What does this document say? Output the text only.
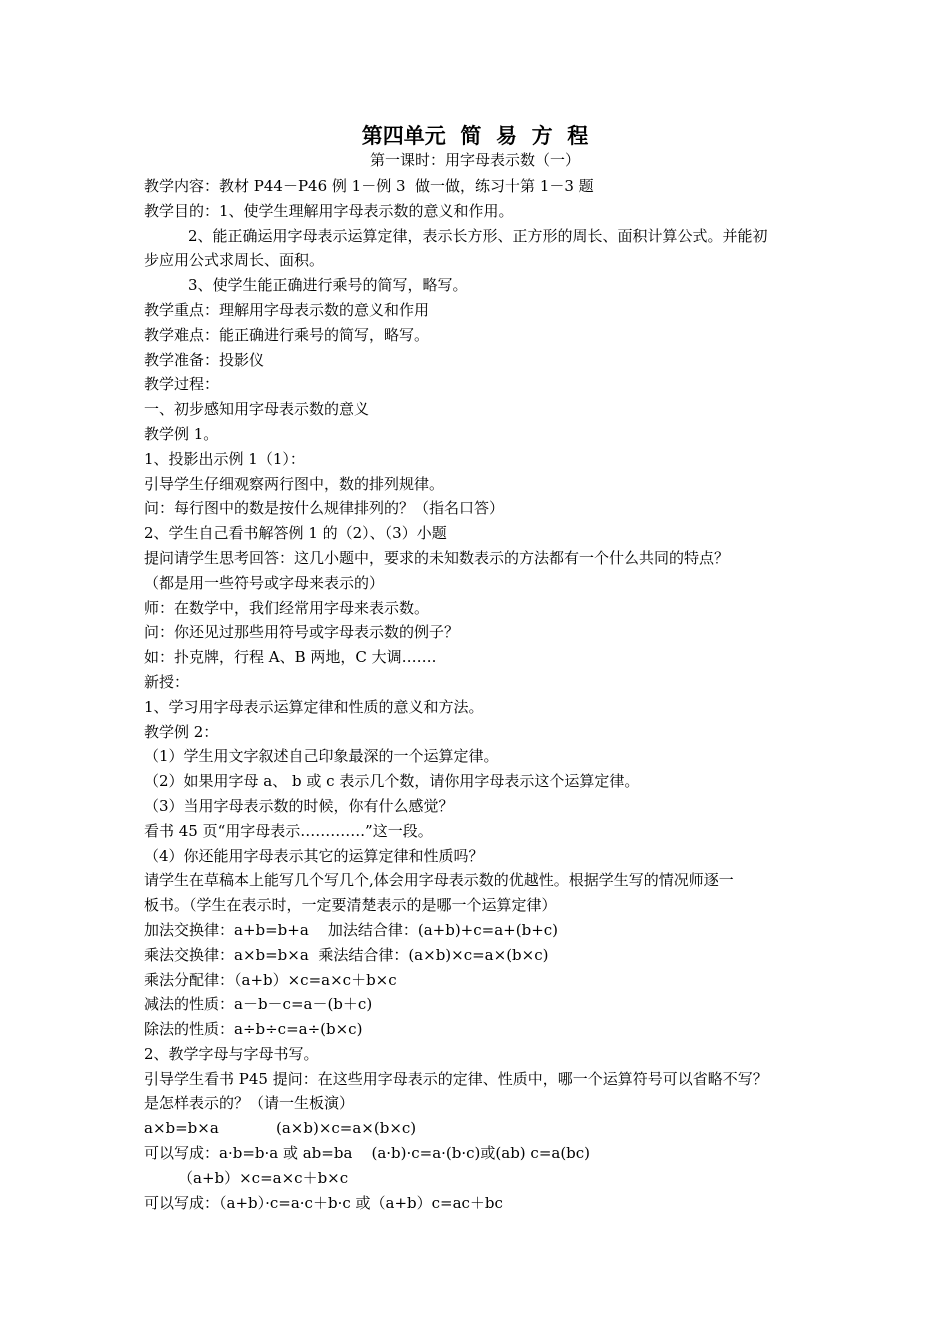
第四单元  简  易  方  程
第一课时：用字母表示数（一）
教学内容：教材 P44－P46 例 1－例 3  做一做，练习十第 1－3 题
教学目的：1、使学生理解用字母表示数的意义和作用。
2、能正确运用字母表示运算定律，表示长方形、正方形的周长、面积计算公式。并能初
步应用公式求周长、面积。
3、使学生能正确进行乘号的简写，略写。
教学重点：理解用字母表示数的意义和作用
教学难点：能正确进行乘号的简写，略写。
教学准备：投影仪
教学过程：
一、初步感知用字母表示数的意义
教学例 1。
1、投影出示例 1（1）：
引导学生仔细观察两行图中，数的排列规律。
问：每行图中的数是按什么规律排列的？（指名口答）
2、学生自己看书解答例 1 的（2）、（3）小题
提问请学生思考回答：这几小题中，要求的未知数表示的方法都有一个什么共同的特点？
（都是用一些符号或字母来表示的）
师：在数学中，我们经常用字母来表示数。
问：你还见过那些用符号或字母表示数的例子？
如：扑克牌，行程 A、B 两地，C 大调…….
新授：
1、学习用字母表示运算定律和性质的意义和方法。
教学例 2：
（1）学生用文字叙述自己印象最深的一个运算定律。
（2）如果用字母 a、 b 或 c 表示几个数，请你用字母表示这个运算定律。
（3）当用字母表示数的时候，你有什么感觉？
看书 45 页“用字母表示………….”这一段。
（4）你还能用字母表示其它的运算定律和性质吗？
请学生在草稿本上能写几个写几个,体会用字母表示数的优越性。根据学生写的情况师逐一
板书。（学生在表示时，一定要清楚表示的是哪一个运算定律）
加法交换律：a+b=b+a    加法结合律：(a+b)+c=a+(b+c)
乘法交换律：a×b=b×a  乘法结合律：(a×b)×c=a×(b×c)
乘法分配律：（a+b）×c=a×c＋b×c
减法的性质：a－b－c=a－(b＋c)
除法的性质：a÷b÷c=a÷(b×c)
2、教学字母与字母书写。
引导学生看书 P45 提问：在这些用字母表示的定律、性质中，哪一个运算符号可以省略不写？
是怎样表示的？（请一生板演）
a×b=b×a            (a×b)×c=a×(b×c)
可以写成：a·b=b·a 或 ab=ba    (a·b)·c=a·(b·c)或(ab) c=a(bc)
（a+b）×c=a×c＋b×c
可以写成：（a+b）·c=a·c＋b·c 或（a+b）c=ac＋bc
